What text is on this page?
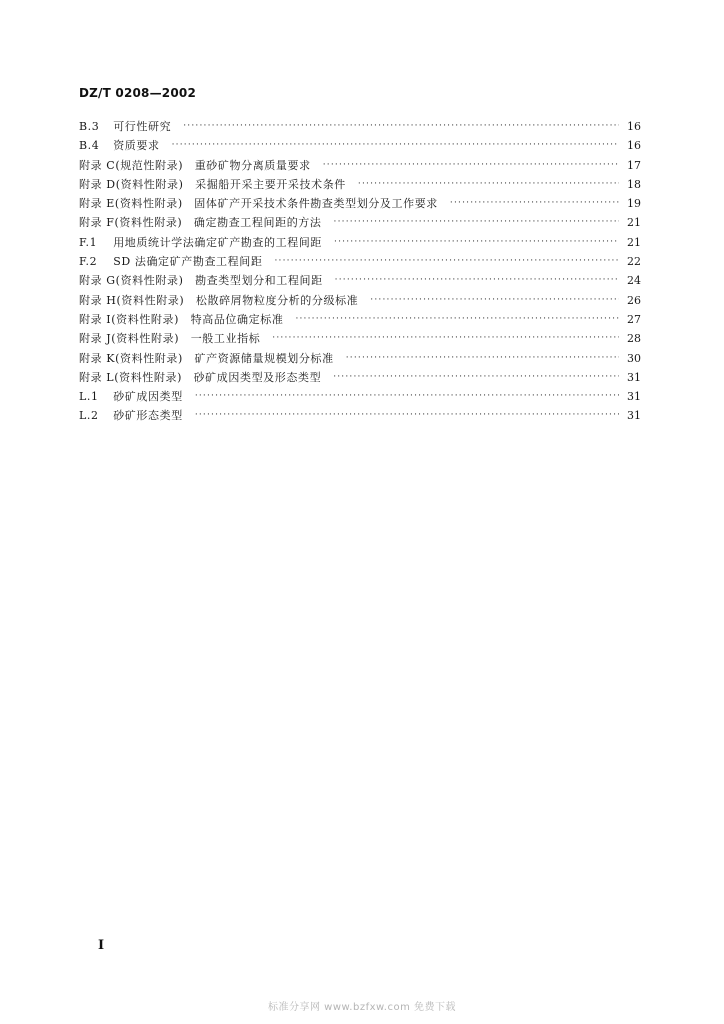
DZ/T 0208—2002
B.3 可行性研究 ·····	16
B.4 资质要求 ·····	16
附录 C(规范性附录)　重砂矿物分离质量要求 ·····	17
附录 D(资料性附录)　采掘船开采主要开采技术条件 ·····	18
附录 E(资料性附录)　固体矿产开采技术条件勘查类型划分及工作要求 ·····	19
附录 F(资料性附录)　确定勘查工程间距的方法 ·····	21
F.1 用地质统计学法确定矿产勘查的工程间距 ·····	21
F.2 SD 法确定矿产勘查工程间距 ·····	22
附录 G(资料性附录)　勘查类型划分和工程间距 ·····	24
附录 H(资料性附录)　松散碎屑物粒度分析的分级标准 ·····	26
附录 I(资料性附录)　特高品位确定标准 ·····	27
附录 J(资料性附录)　一般工业指标 ·····	28
附录 K(资料性附录)　矿产资源储量规模划分标准 ·····	30
附录 L(资料性附录)　砂矿成因类型及形态类型 ·····	31
L.1 砂矿成因类型 ·····	31
L.2 砂矿形态类型 ·····	31
I
标准分享网 www.bzfxw.com 免费下载
